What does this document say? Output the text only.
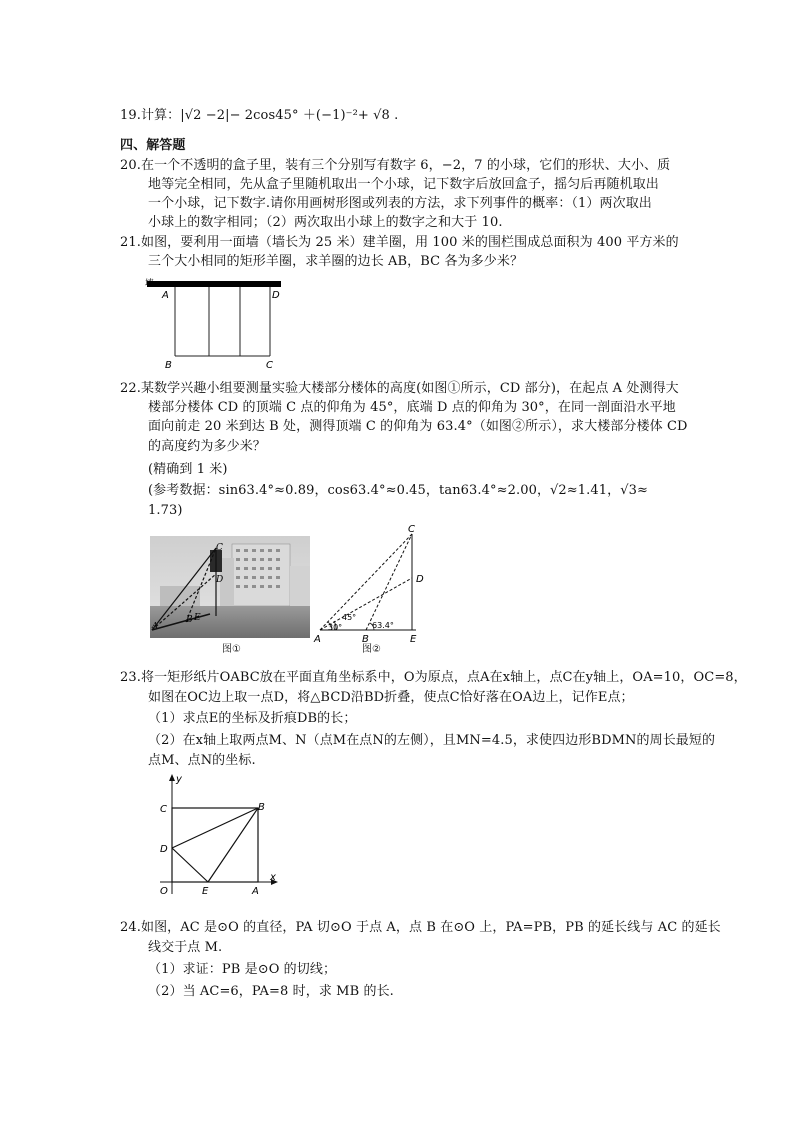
19.计算：|√2 −2|− 2cos45° ＋(−1)⁻²+ √8 .
四、解答题
20.在一个不透明的盒子里，装有三个分别写有数字 6，−2，7 的小球，它们的形状、大小、质
地等完全相同，先从盒子里随机取出一个小球，记下数字后放回盒子，摇匀后再随机取出
一个小球，记下数字.请你用画树形图或列表的方法，求下列事件的概率：（1）两次取出
小球上的数字相同；（2）两次取出小球上的数字之和大于 10.
21.如图，要利用一面墙（墙长为 25 米）建羊圈，用 100 米的围栏围成总面积为 400 平方米的
三个大小相同的矩形羊圈，求羊圈的边长 AB，BC 各为多少米？
墙
A	D
B	C
22.某数学兴趣小组要测量实验大楼部分楼体的高度(如图①所示，CD 部分)，在起点 A 处测得大
楼部分楼体 CD 的顶端 C 点的仰角为 45°，底端 D 点的仰角为 30°，在同一剖面沿水平地
面向前走 20 米到达 B 处，测得顶端 C 的仰角为 63.4°（如图②所示），求大楼部分楼体 CD
的高度约为多少米？
(精确到 1 米)
(参考数据：sin63.4°≈0.89，cos63.4°≈0.45，tan63.4°≈2.00，√2≈1.41，√3≈
1.73)
C
D
B E
A
图①
C
D
A	B	E
30°
45°
63.4°
图②
23.将一矩形纸片OABC放在平面直角坐标系中，O为原点，点A在x轴上，点C在y轴上，OA=10，OC=8，
如图在OC边上取一点D，将△BCD沿BD折叠，使点C恰好落在OA边上，记作E点；
（1）求点E的坐标及折痕DB的长；
（2）在x轴上取两点M、N（点M在点N的左侧），且MN=4.5，求使四边形BDMN的周长最短的
点M、点N的坐标.
y
x
C	B
D
O	E	A
24.如图，AC 是⊙O 的直径，PA 切⊙O 于点 A，点 B 在⊙O 上，PA=PB，PB 的延长线与 AC 的延长
线交于点 M.
（1）求证：PB 是⊙O 的切线；
（2）当 AC=6，PA=8 时，求 MB 的长.
